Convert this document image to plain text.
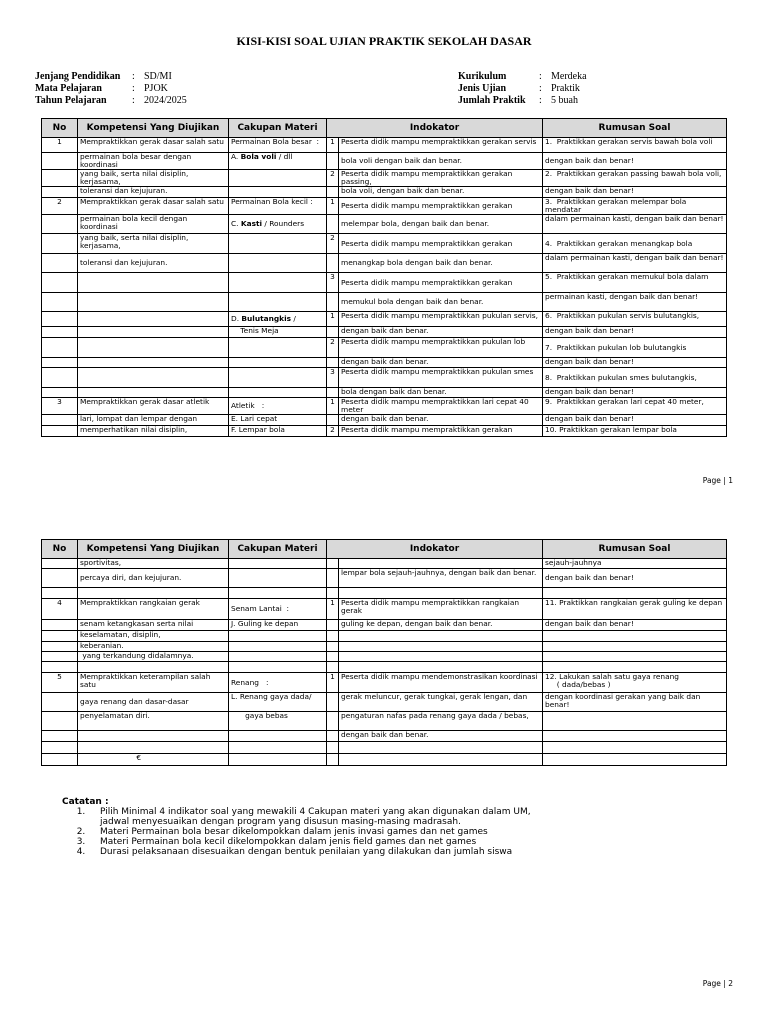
KISI-KISI SOAL UJIAN PRAKTIK SEKOLAH DASAR
Jenjang Pendidikan	: SD/MI
Mata Pelajaran	: PJOK
Tahun Pelajaran	: 2024/2025
Kurikulum	: Merdeka
Jenis Ujian	: Praktik
Jumlah Praktik	: 5 buah
No	Kompetensi Yang Diujikan	Cakupan Materi	Indokator		Rumusan Soal
1	Mempraktikkan gerak dasar salah satu	Permainan Bola besar  :	1	Peserta didik mampu mempraktikkan gerakan servis	1.  Praktikkan gerakan servis bawah bola voli
	permainan bola besar dengan koordinasi	A. Bola voli / dll		bola voli dengan baik dan benar.	dengan baik dan benar!
	yang baik, serta nilai disiplin, kerjasama,		2	Peserta didik mampu mempraktikkan gerakan passing,	2.  Praktikkan gerakan passing bawah bola voli,
	toleransi dan kejujuran.			bola voli, dengan baik dan benar.	dengan baik dan benar!
2	Mempraktikkan gerak dasar salah satu	Permainan Bola kecil :	1	Peserta didik mampu mempraktikkan gerakan	3.  Praktikkan gerakan melempar bola mendatar
	permainan bola kecil dengan koordinasi	C. Kasti / Rounders		melempar bola, dengan baik dan benar.	dalam permainan kasti, dengan baik dan benar!
	yang baik, serta nilai disiplin, kerjasama,		2	Peserta didik mampu mempraktikkan gerakan	4.  Praktikkan gerakan menangkap bola
	toleransi dan kejujuran.			menangkap bola dengan baik dan benar.	dalam permainan kasti, dengan baik dan benar!
			3	Peserta didik mampu mempraktikkan gerakan	5.  Praktikkan gerakan memukul bola dalam
				memukul bola dengan baik dan benar.	permainan kasti, dengan baik dan benar!
		D. Bulutangkis /	1	Peserta didik mampu mempraktikkan pukulan servis,	6.  Praktikkan pukulan servis bulutangkis,
		Tenis Meja		dengan baik dan benar.	dengan baik dan benar!
			2	Peserta didik mampu mempraktikkan pukulan lob	7.  Praktikkan pukulan lob bulutangkis
				dengan baik dan benar.	dengan baik dan benar!
			3	Peserta didik mampu mempraktikkan pukulan smes	8.  Praktikkan pukulan smes bulutangkis,
				bola dengan baik dan benar.	dengan baik dan benar!
3	Mempraktikkan gerak dasar atletik	Atletik   :	1	Peserta didik mampu mempraktikkan lari cepat 40 meter	9.  Praktikkan gerakan lari cepat 40 meter,
	lari, lompat dan lempar dengan	E. Lari cepat		dengan baik dan benar.	dengan baik dan benar!
	memperhatikan nilai disiplin,	F. Lempar bola	2	Peserta didik mampu mempraktikkan gerakan	10. Praktikkan gerakan lempar bola
Page | 1
No	Kompetensi Yang Diujikan	Cakupan Materi	Indokator		Rumusan Soal
	sportivitas,				sejauh-jauhnya
	percaya diri, dan kejujuran.			lempar bola sejauh-jauhnya, dengan baik dan benar.	dengan baik dan benar!

4	Mempraktikkan rangkaian gerak	Senam Lantai  :	1	Peserta didik mampu mempraktikkan rangkaian gerak	11. Praktikkan rangkaian gerak guling ke depan
	senam ketangkasan serta nilai	J. Guling ke depan		guling ke depan, dengan baik dan benar.	dengan baik dan benar!
	keselamatan, disiplin,				
	keberanian.				
	yang terkandung didalamnya.				

5	Mempraktikkan keterampilan salah satu	Renang   :	1	Peserta didik mampu mendemonstrasikan koordinasi	12. Lakukan salah satu gaya renang
( dada/bebas )
	gaya renang dan dasar-dasar	L. Renang gaya dada/		gerak meluncur, gerak tungkai, gerak lengan, dan	dengan koordinasi gerakan yang baik dan benar!
	penyelamatan diri.	gaya bebas		pengaturan nafas pada renang gaya dada / bebas,	
				dengan baik dan benar.	

	€				
Catatan :
1.	Pilih Minimal 4 indikator soal yang mewakili 4 Cakupan materi yang akan digunakan dalam UM, jadwal menyesuaikan dengan program yang disusun masing-masing madrasah.
2.	Materi Permainan bola besar dikelompokkan dalam jenis invasi games dan net games
3.	Materi Permainan bola kecil dikelompokkan dalam jenis field games dan net games
4.	Durasi pelaksanaan disesuaikan dengan bentuk penilaian yang dilakukan dan jumlah siswa
Page | 2
